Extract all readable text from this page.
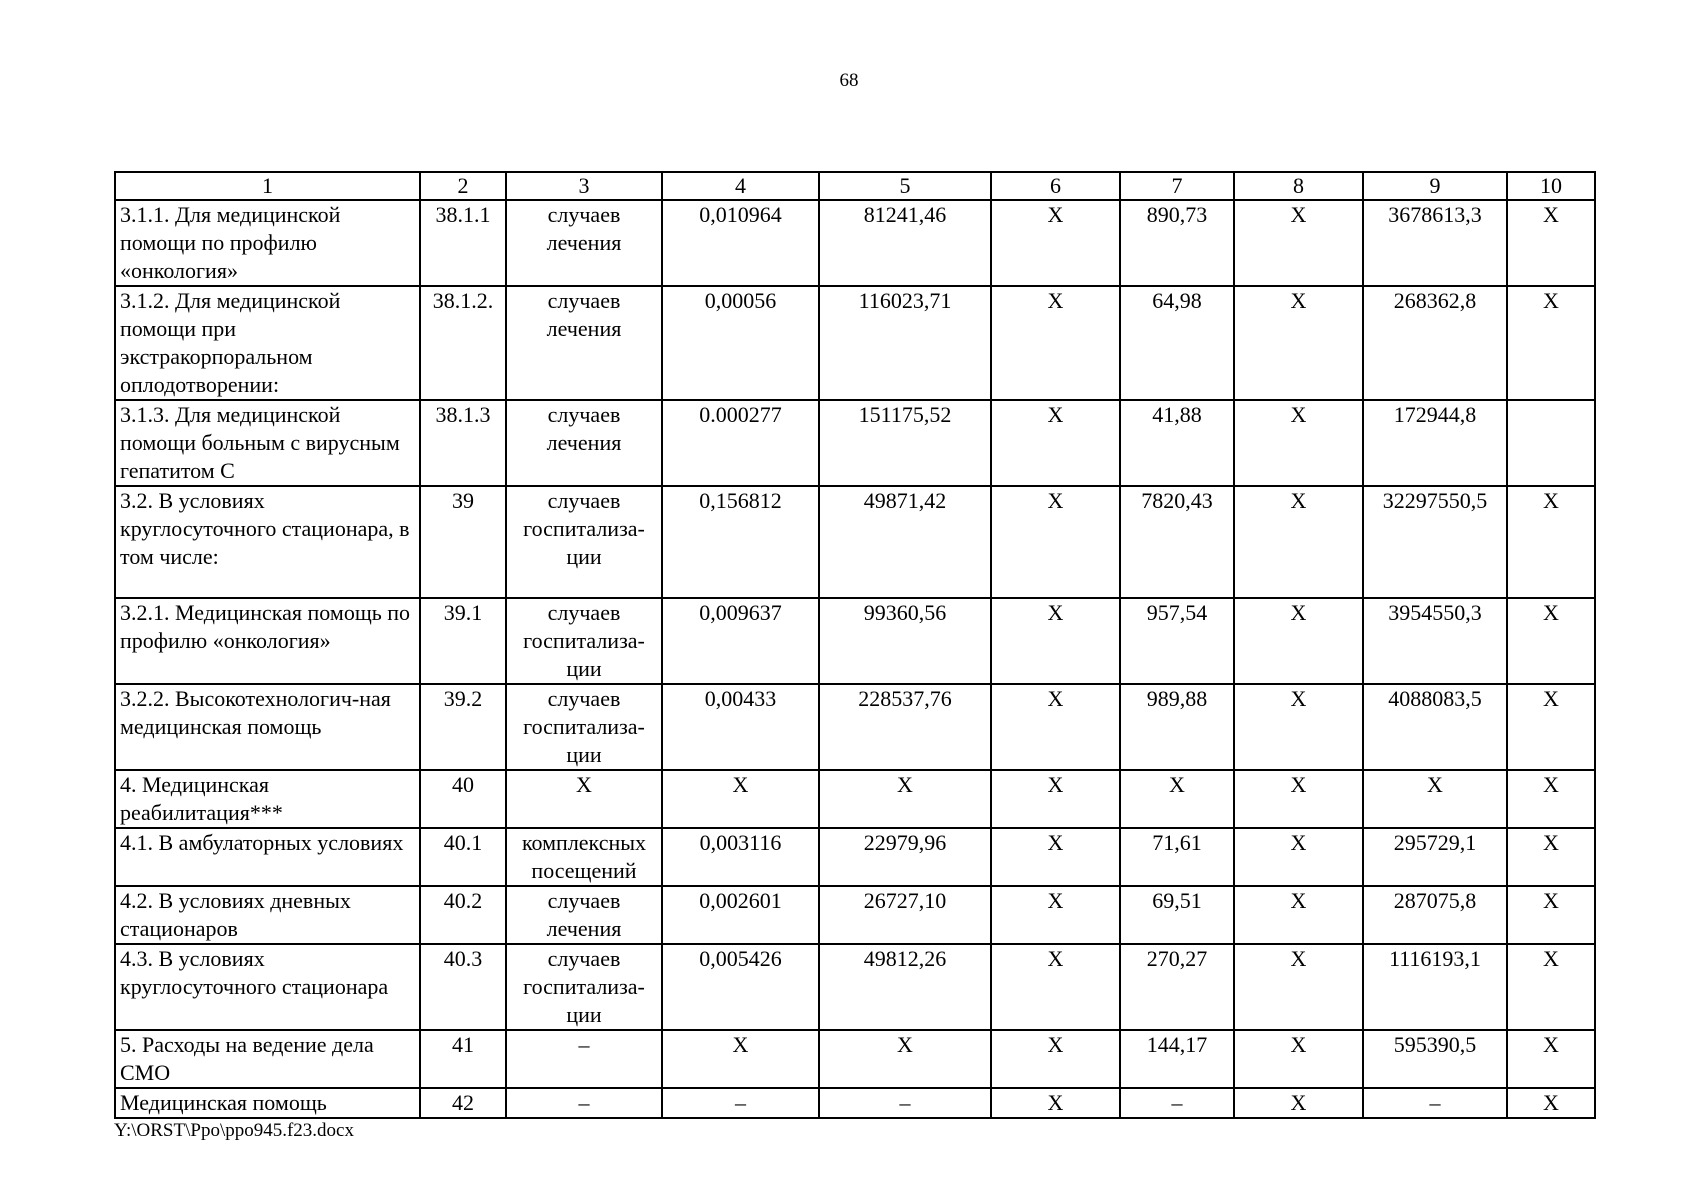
68
1	2	3	4	5	6	7	8	9	10
3.1.1. Для медицинской помощи по профилю «онкология»	38.1.1	случаев лечения	0,010964	81241,46	Х	890,73	Х	3678613,3	Х
3.1.2. Для медицинской помощи при экстракорпоральном оплодотворении:	38.1.2.	случаев лечения	0,00056	116023,71	Х	64,98	Х	268362,8	Х
3.1.3. Для медицинской помощи больным с вирусным гепатитом С	38.1.3	случаев лечения	0.000277	151175,52	Х	41,88	Х	172944,8	
3.2. В условиях круглосуточного стационара, в том числе:	39	случаев госпитализа-ции	0,156812	49871,42	Х	7820,43	Х	32297550,5	Х
3.2.1. Медицинская помощь по профилю «онкология»	39.1	случаев госпитализа-ции	0,009637	99360,56	Х	957,54	Х	3954550,3	Х
3.2.2. Высокотехнологич-ная медицинская помощь	39.2	случаев госпитализа-ции	0,00433	228537,76	Х	989,88	Х	4088083,5	Х
4. Медицинская реабилитация***	40	Х	Х	Х	Х	Х	Х	Х	Х
4.1. В амбулаторных условиях	40.1	комплексных посещений	0,003116	22979,96	Х	71,61	Х	295729,1	Х
4.2. В условиях дневных стационаров	40.2	случаев лечения	0,002601	26727,10	Х	69,51	Х	287075,8	Х
4.3. В условиях круглосуточного стационара	40.3	случаев госпитализа-ции	0,005426	49812,26	Х	270,27	Х	1116193,1	Х
5. Расходы на ведение дела СМО	41	–	Х	Х	Х	144,17	Х	595390,5	Х
Медицинская помощь	42	–	–	–	Х	–	Х	–	Х
Y:\ORST\Ppo\ppo945.f23.docx
